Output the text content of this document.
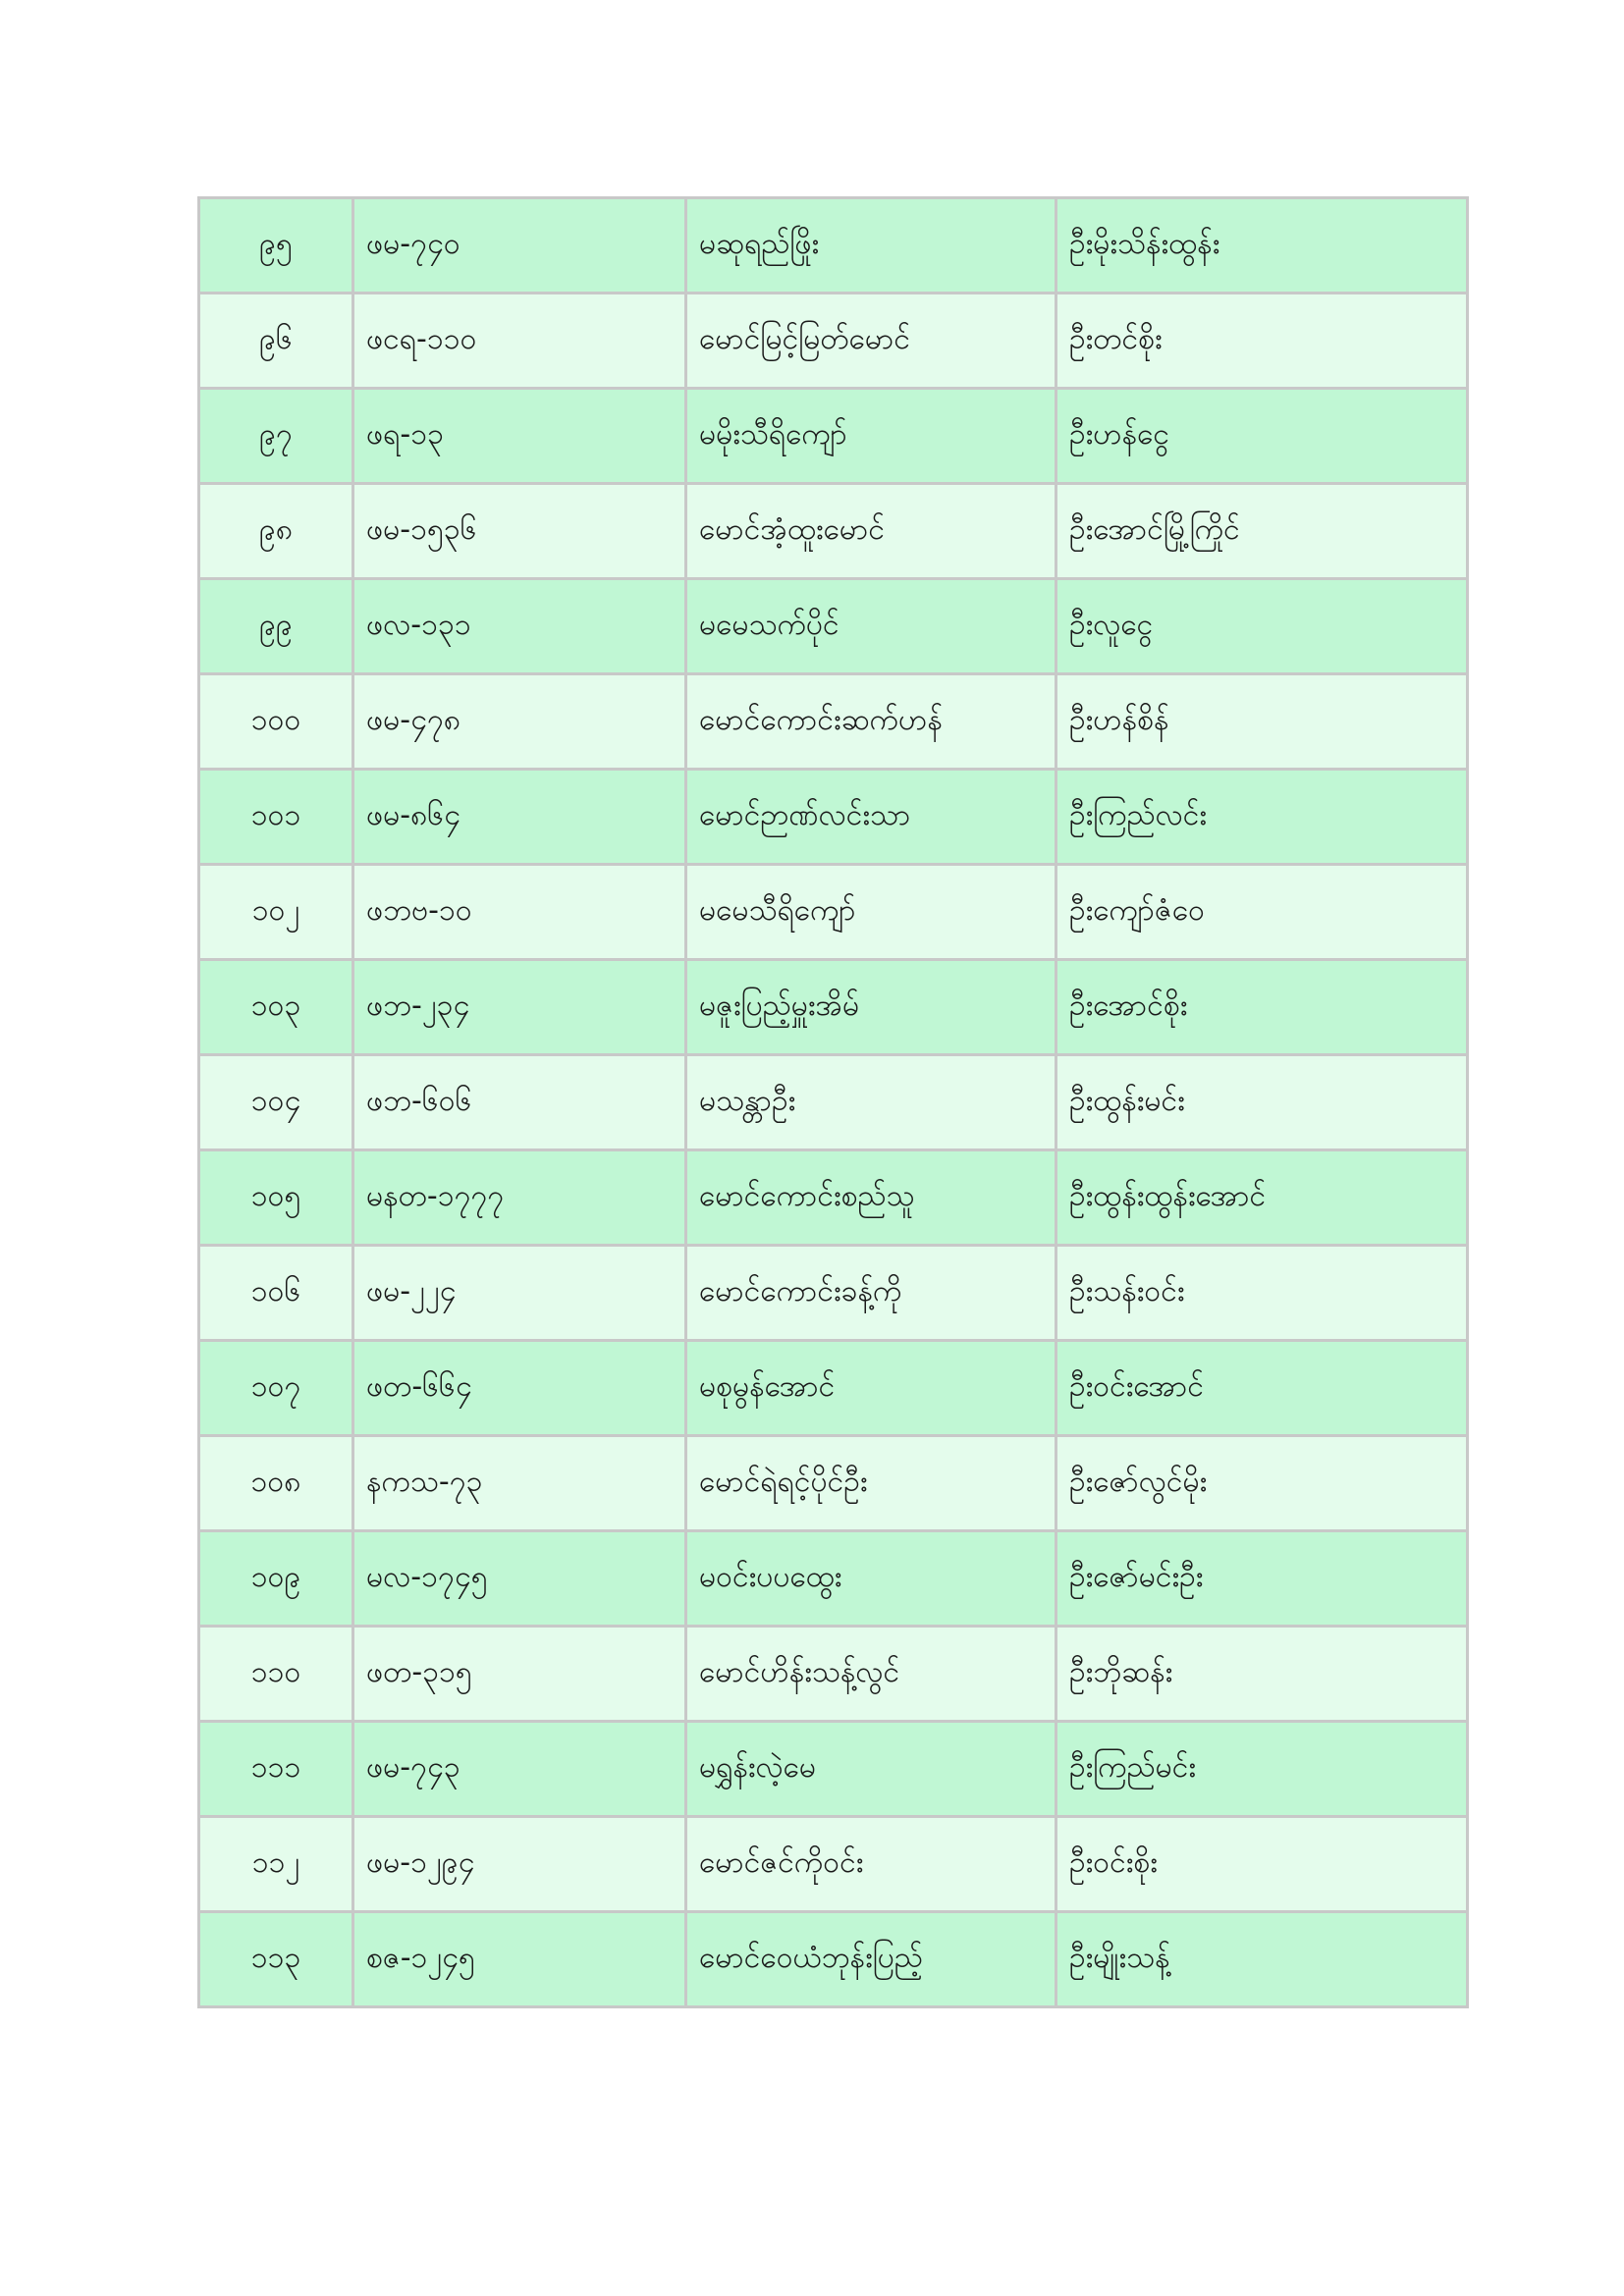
၉၅	ဖမ-၇၄၀	မဆုရည်ဖြိုး	ဦးမိုးသိန်းထွန်း
၉၆	ဖငရ-၁၁၀	မောင်မြင့်မြတ်မောင်	ဦးတင်စိုး
၉၇	ဖရ-၁၃	မမိုးသီရိကျော်	ဦးဟန်ငွေ
၉၈	ဖမ-၁၅၃၆	မောင်အံ့ထူးမောင်	ဦးအောင်မြို့ကြိုင်
၉၉	ဖလ-၁၃၁	မမေသက်ပိုင်	ဦးလူငွေ
၁၀၀	ဖမ-၄၇၈	မောင်ကောင်းဆက်ဟန်	ဦးဟန်စိန်
၁၀၁	ဖမ-၈၆၄	မောင်ဉာဏ်လင်းသာ	ဦးကြည်လင်း
၁၀၂	ဖဘဗ-၁၀	မမေသီရိကျော်	ဦးကျော်ဇံဝေ
၁၀၃	ဖဘ-၂၃၄	မဇူးပြည့်မှူးအိမ်	ဦးအောင်စိုး
၁၀၄	ဖဘ-၆၀၆	မသန္တာဦး	ဦးထွန်းမင်း
၁၀၅	မနတ-၁၇၇၇	မောင်ကောင်းစည်သူ	ဦးထွန်းထွန်းအောင်
၁၀၆	ဖမ-၂၂၄	မောင်ကောင်းခန့်ကို	ဦးသန်းဝင်း
၁၀၇	ဖတ-၆၆၄	မစုမွန်အောင်	ဦးဝင်းအောင်
၁၀၈	နကသ-၇၃	မောင်ရဲရင့်ပိုင်ဦး	ဦးဇော်လွင်မိုး
၁၀၉	မလ-၁၇၄၅	မဝင်းပပထွေး	ဦးဇော်မင်းဦး
၁၁၀	ဖတ-၃၁၅	မောင်ဟိန်းသန့်လွင်	ဦးဘိုဆန်း
၁၁၁	ဖမ-၇၄၃	မရွှန်းလဲ့မေ	ဦးကြည်မင်း
၁၁၂	ဖမ-၁၂၉၄	မောင်ဇင်ကိုဝင်း	ဦးဝင်းစိုး
၁၁၃	စဇ-၁၂၄၅	မောင်ဝေယံဘုန်းပြည့်	ဦးမျိုးသန့်
